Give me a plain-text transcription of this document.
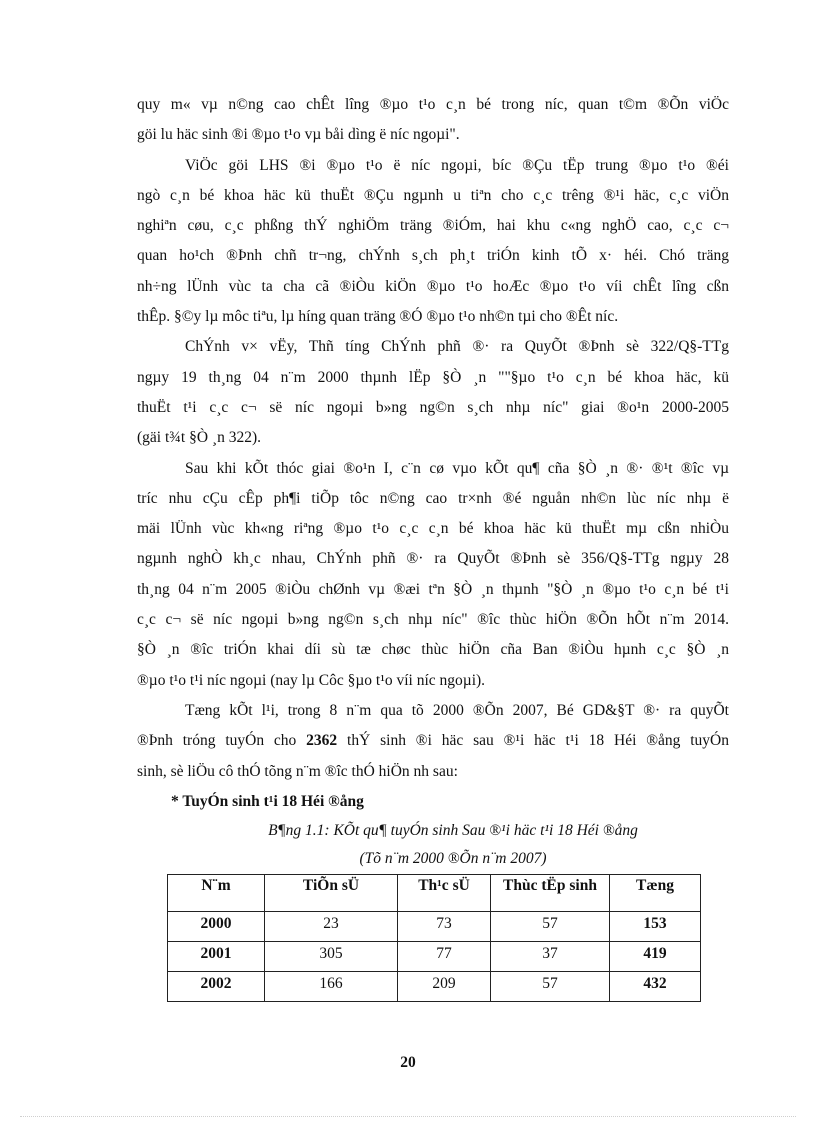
quy m« vµ n©ng cao chÊt lîng ®µo t¹o c¸n bé trong níc, quan t©m ®Õn viÖc

göi lu häc sinh ®i ®µo t¹o vµ båi dìng ë níc ngoµi".

ViÖc göi LHS ®i ®µo t¹o ë níc ngoµi, bíc ®Çu tËp trung ®µo t¹o ®éi

ngò c¸n bé khoa häc kü thuËt ®Çu ngµnh u tiªn cho c¸c trêng ®¹i häc, c¸c viÖn

nghiªn cøu, c¸c phßng thÝ nghiÖm träng ®iÓm, hai khu c«ng nghÖ cao, c¸c c¬

quan ho¹ch ®Þnh chñ tr¬ng, chÝnh s¸ch ph¸t triÓn kinh tÕ x· héi. Chó träng

nh÷ng lÜnh vùc ta cha cã ®iÒu kiÖn ®µo t¹o hoÆc ®µo t¹o víi chÊt lîng cßn

thÊp. §©y lµ môc tiªu, lµ híng quan träng ®Ó ®µo t¹o nh©n tµi cho ®Êt níc.

ChÝnh v× vËy, Thñ tíng ChÝnh phñ ®· ra QuyÕt ®Þnh sè 322/Q§-TTg

ngµy 19 th¸ng 04 n¨m 2000 thµnh lËp §Ò ¸n ""§µo t¹o c¸n bé khoa häc, kü

thuËt t¹i c¸c c¬ së níc ngoµi b»ng ng©n s¸ch nhµ níc" giai ®o¹n 2000-2005

(gäi t¾t §Ò ¸n 322).

Sau khi kÕt thóc giai ®o¹n I, c¨n cø vµo kÕt qu¶ cña §Ò ¸n ®· ®¹t ®îc vµ

tríc nhu cÇu cÊp ph¶i tiÕp tôc n©ng cao tr×nh ®é nguån nh©n lùc níc nhµ ë

mäi lÜnh vùc kh«ng riªng ®µo t¹o c¸c c¸n bé khoa häc kü thuËt mµ cßn nhiÒu

ngµnh nghÒ kh¸c nhau, ChÝnh phñ ®· ra QuyÕt ®Þnh sè 356/Q§-TTg ngµy 28

th¸ng 04 n¨m 2005 ®iÒu chØnh vµ ®æi tªn §Ò ¸n thµnh "§Ò ¸n ®µo t¹o c¸n bé t¹i

c¸c c¬ së níc ngoµi b»ng ng©n s¸ch nhµ níc" ®îc thùc hiÖn ®Õn hÕt n¨m 2014.

§Ò ¸n ®îc triÓn khai díi sù tæ chøc thùc hiÖn cña Ban ®iÒu hµnh c¸c §Ò ¸n

®µo t¹o t¹i níc ngoµi (nay lµ Côc §µo t¹o víi níc ngoµi).

Tæng kÕt l¹i, trong 8 n¨m qua tõ 2000 ®Õn 2007, Bé GD&§T ®· ra quyÕt

®Þnh tróng tuyÓn cho 2362 thÝ sinh ®i häc sau ®¹i häc t¹i 18 Héi ®ång tuyÓn

sinh, sè liÖu cô thÓ tõng n¨m ®îc thÓ hiÖn nh sau:

* TuyÓn sinh t¹i 18 Héi ®ång
B¶ng 1.1: KÕt qu¶ tuyÓn sinh Sau ®¹i häc t¹i 18 Héi ®ång
(Tõ n¨m 2000 ®Õn n¨m 2007)
N¨m	TiÕn sÜ	Th¹c sÜ	Thùc tËp sinh	Tæng
2000	23	73	57	153
2001	305	77	37	419
2002	166	209	57	432
20
